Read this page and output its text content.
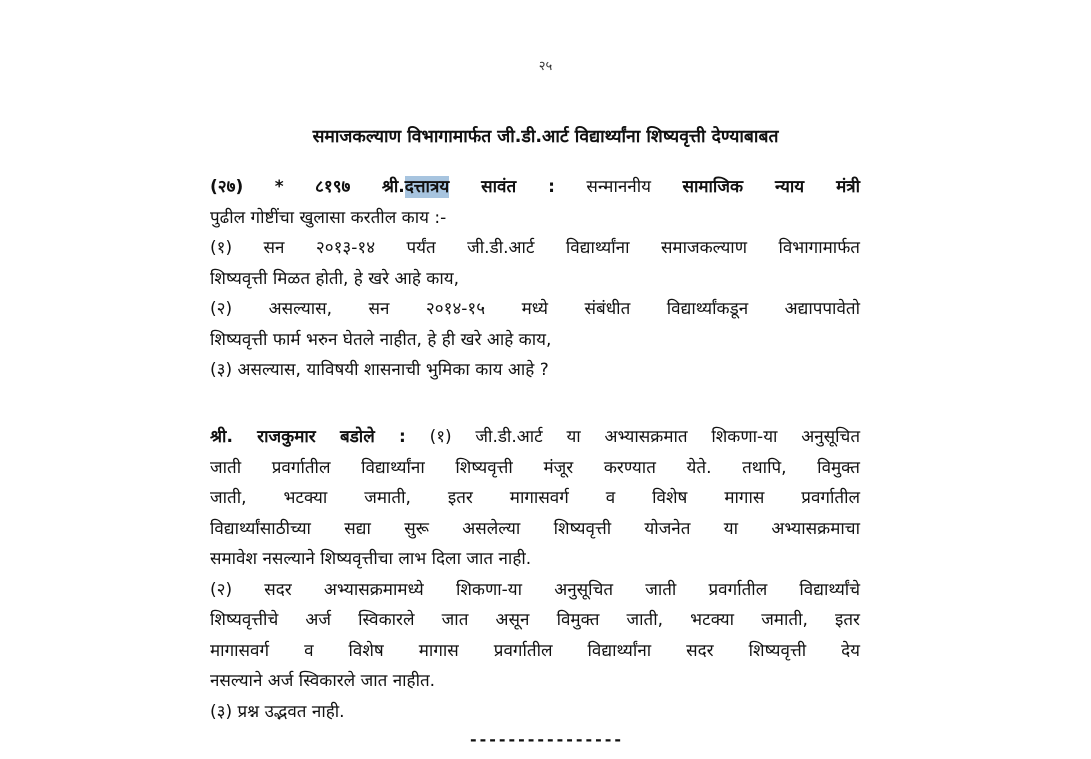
२५
समाजकल्याण विभागामार्फत जी.डी.आर्ट विद्यार्थ्यांना शिष्यवृत्ती देण्याबाबत
(२७) * ८१९७ श्री.दत्तात्रय सावंत : सन्माननीय सामाजिक न्याय मंत्री
पुढील गोष्टींचा खुलासा करतील काय :-
(१) सन २०१३-१४ पर्यंत जी.डी.आर्ट विद्यार्थ्यांना समाजकल्याण विभागामार्फत
शिष्यवृत्ती मिळत होती, हे खरे आहे काय,
(२) असल्यास, सन २०१४-१५ मध्ये संबंधीत विद्यार्थ्यांकडून अद्यापपावेतो
शिष्यवृत्ती फार्म भरुन घेतले नाहीत, हे ही खरे आहे काय,
(३) असल्यास, याविषयी शासनाची भुमिका काय आहे ?
श्री. राजकुमार बडोले : (१) जी.डी.आर्ट या अभ्यासक्रमात शिकणा-या अनुसूचित
जाती प्रवर्गातील विद्यार्थ्यांना शिष्यवृत्ती मंजूर करण्यात येते. तथापि, विमुक्त
जाती, भटक्या जमाती, इतर मागासवर्ग व विशेष मागास प्रवर्गातील
विद्यार्थ्यांसाठीच्या सद्या सुरू असलेल्या शिष्यवृत्ती योजनेत या अभ्यासक्रमाचा
समावेश नसल्याने शिष्यवृत्तीचा लाभ दिला जात नाही.
(२) सदर अभ्यासक्रमामध्ये शिकणा-या अनुसूचित जाती प्रवर्गातील विद्यार्थ्यांचे
शिष्यवृत्तीचे अर्ज स्विकारले जात असून विमुक्त जाती, भटक्या जमाती, इतर
मागासवर्ग व विशेष मागास प्रवर्गातील विद्यार्थ्यांना सदर शिष्यवृत्ती देय
नसल्याने अर्ज स्विकारले जात नाहीत.
(३) प्रश्न उद्भवत नाही.
----------------
